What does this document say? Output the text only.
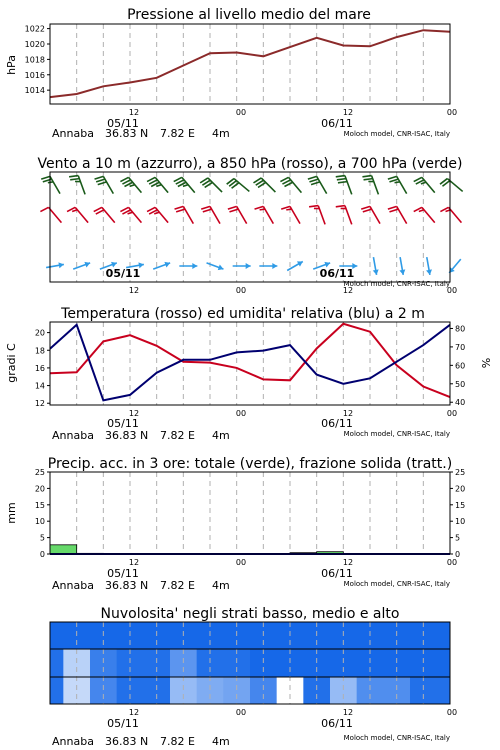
Pressione al livello medio del mare
hPa
1014
1016
1018
1020
1022
12	00	12	00
05/11	06/11
Annaba 36.83 N 7.82 E 4m	Moloch model, CNR-ISAC, Italy
Vento a 10 m (azzurro), a 850 hPa (rosso), a 700 hPa (verde)
12	00	12	00
05/11	06/11
Moloch model, CNR-ISAC, Italy
Temperatura (rosso) ed umidita' relativa (blu) a 2 m
gradi C	%
12
14
16
18
20
40
50
60
70
80
12	00	12	00
05/11	06/11
Annaba 36.83 N 7.82 E 4m	Moloch model, CNR-ISAC, Italy
Precip. acc. in 3 ore: totale (verde), frazione solida (tratt.)
mm
0
5
10
15
20
25
0
5
10
15
20
25
12	00	12	00
05/11	06/11
Annaba 36.83 N 7.82 E 4m	Moloch model, CNR-ISAC, Italy
Nuvolosita' negli strati basso, medio e alto
12	00	12	00
05/11	06/11
Annaba 36.83 N 7.82 E 4m	Moloch model, CNR-ISAC, Italy
